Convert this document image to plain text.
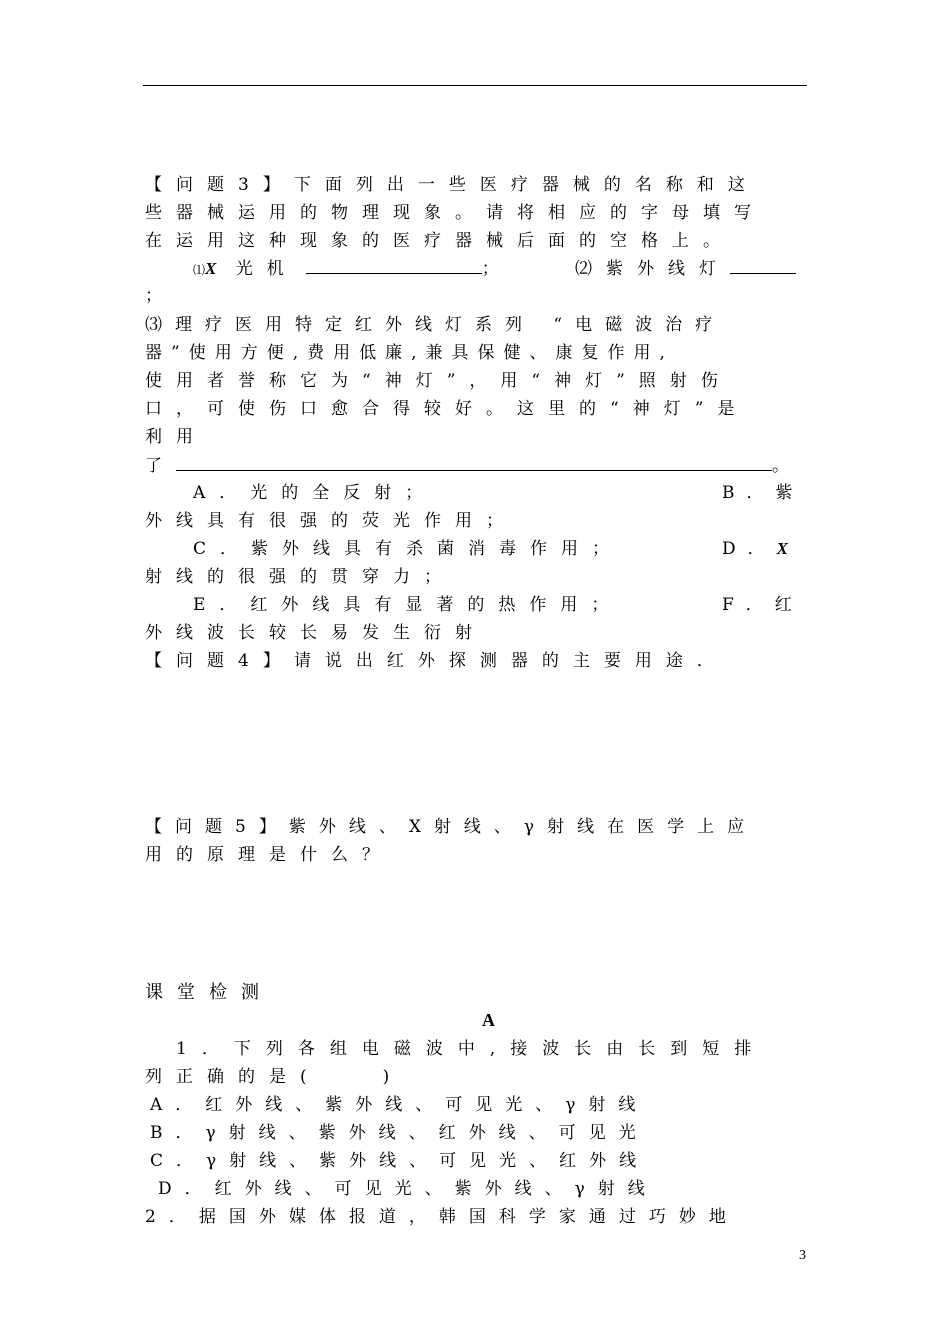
【问题3】下面列出一些医疗器械的名称和这
些器械运用的物理现象。请将相应的字母填写
在运用这种现象的医疗器械后面的空格上。
⑴X 光机	；	⑵紫外线灯
；
⑶理疗医用特定红外线灯系列 “电磁波治疗
器”使用方便,费用低廉,兼具保健、康复作用,
使用者誉称它为“神灯”，用“神灯”照射伤
口，可使伤口愈合得较好。这里的“神灯”是
利用
了	。
A．光的全反射；	B．紫
外线具有很强的荧光作用；
C．紫外线具有杀菌消毒作用；	D．X
射线的很强的贯穿力；
E．红外线具有显著的热作用；	F．红
外线波长较长易发生衍射
【问题4】请说出红外探测器的主要用途．
【问题5】紫外线、X射线、γ射线在医学上应
用的原理是什么？
课堂检测
A
1．下列各组电磁波中,接波长由长到短排
列正确的是(　　)
A．红外线、紫外线、可见光、γ射线
B．γ射线、紫外线、红外线、可见光
C．γ射线、紫外线、可见光、红外线
D．红外线、可见光、紫外线、γ射线
2．据国外媒体报道，韩国科学家通过巧妙地
3
